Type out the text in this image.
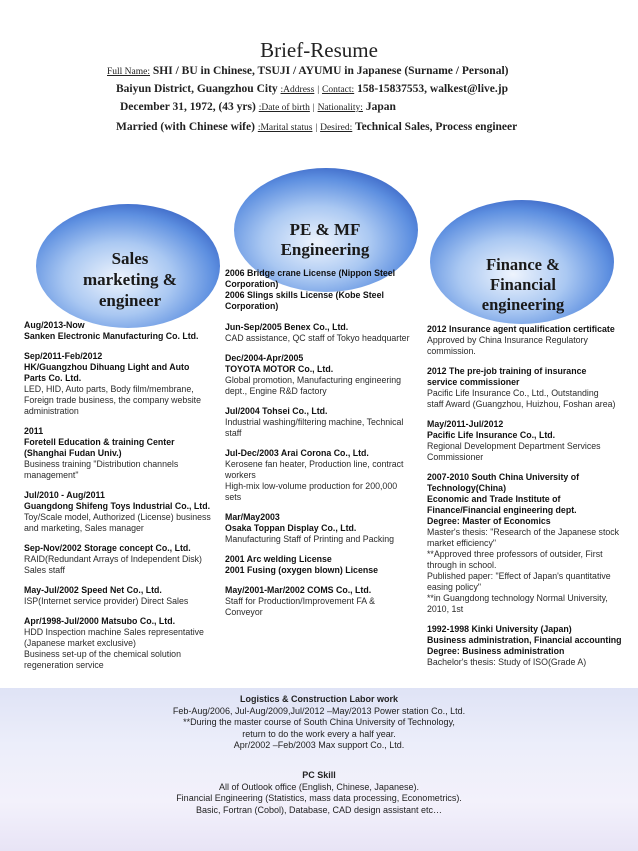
Brief-Resume
Full Name: SHI / BU in Chinese, TSUJI / AYUMU in Japanese (Surname / Personal)
Baiyun District, Guangzhou City :Address | Contact: 158-15837553, walkest@live.jp
December 31, 1972, (43 yrs) :Date of birth | Nationality: Japan
Married (with Chinese wife) :Marital status | Desired: Technical Sales, Process engineer
Sales
marketing &
engineer
PE & MF
Engineering
Finance &
Financial
engineering
2006 Bridge crane License (Nippon Steel
Corporation)
2006 Slings skills License (Kobe Steel
Corporation)
Aug/2013-Now
Sanken Electronic Manufacturing Co. Ltd.
Sep/2011-Feb/2012
HK/Guangzhou Dihuang Light and Auto
Parts Co. Ltd.
LED, HID, Auto parts, Body film/membrane,
Foreign trade business, the company website
administration
2011
Foretell Education & training Center
(Shanghai Fudan Univ.)
Business training "Distribution channels
management"
Jul/2010 - Aug/2011
Guangdong Shifeng Toys Industrial Co., Ltd.
Toy/Scale model, Authorized (License) business
and marketing, Sales manager
Sep-Nov/2002 Storage concept Co., Ltd.
RAID(Redundant Arrays of Independent Disk)
Sales staff
May-Jul/2002 Speed Net Co., Ltd.
ISP(Internet service provider) Direct Sales
Apr/1998-Jul/2000 Matsubo Co., Ltd.
HDD Inspection machine Sales representative
(Japanese market exclusive)
Business set-up of the chemical solution
regeneration service
Jun-Sep/2005 Benex Co., Ltd.
CAD assistance, QC staff of Tokyo headquarter
Dec/2004-Apr/2005
TOYOTA MOTOR Co., Ltd.
Global promotion, Manufacturing engineering
dept., Engine R&D factory
Jul/2004 Tohsei Co., Ltd.
Industrial washing/filtering machine, Technical
staff
Jul-Dec/2003 Arai Corona Co., Ltd.
Kerosene fan heater, Production line, contract
workers
High-mix low-volume production for 200,000
sets
Mar/May2003
Osaka Toppan Display Co., Ltd.
Manufacturing Staff of Printing and Packing
2001 Arc welding License
2001 Fusing (oxygen blown) License
May/2001-Mar/2002 COMS Co., Ltd.
Staff for Production/Improvement FA &
Conveyor
2012 Insurance agent qualification certificate
Approved by China Insurance Regulatory
commission.
2012 The pre-job training of insurance
service commissioner
Pacific Life Insurance Co., Ltd., Outstanding
staff Award (Guangzhou, Huizhou, Foshan area)
May/2011-Jul/2012
Pacific Life Insurance Co., Ltd.
Regional Development Department Services
Commissioner
2007-2010 South China University of
Technology(China)
Economic and Trade Institute of
Finance/Financial engineering dept.
Degree: Master of Economics
Master's thesis: "Research of the Japanese stock
market efficiency"
**Approved three professors of outsider, First
through in school.
Published paper: "Effect of Japan's quantitative
easing policy"
**in Guangdong technology Normal University,
2010, 1st
1992-1998 Kinki University (Japan)
Business administration, Financial accounting
Degree: Business administration
Bachelor's thesis: Study of ISO(Grade A)
Logistics & Construction Labor work
Feb-Aug/2006, Jul-Aug/2009,Jul/2012 –May/2013 Power station Co., Ltd.
**During the master course of South China University of Technology,
return to do the work every a half year.
Apr/2002 –Feb/2003 Max support Co., Ltd.
PC Skill
All of Outlook office (English, Chinese, Japanese).
Financial Engineering (Statistics, mass data processing, Econometrics).
Basic, Fortran (Cobol), Database, CAD design assistant etc…
